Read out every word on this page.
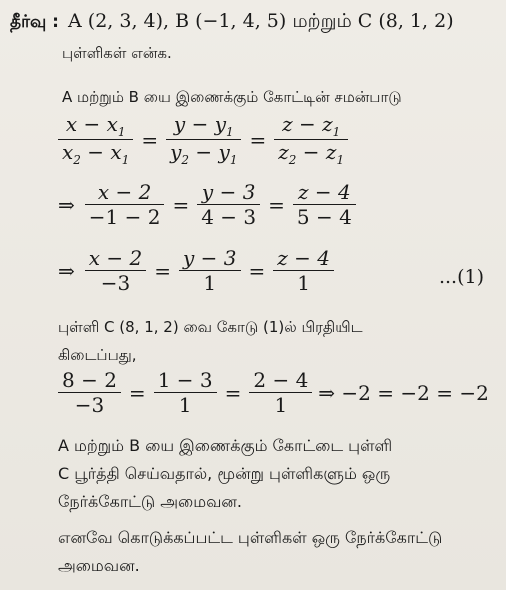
தீர்வு : A (2, 3, 4), B (−1, 4, 5) மற்றும் C (8, 1, 2)
புள்ளிகள் என்க.
A மற்றும் B யை இணைக்கும் கோட்டின் சமன்பாடு
$\frac{x - x_1}{x_2 - x_1} = \frac{y - y_1}{y_2 - y_1} = \frac{z - z_1}{z_2 - z_1}$
⇒ $\frac{x - 2}{-1 - 2} = \frac{y - 3}{4 - 3} = \frac{z - 4}{5 - 4}$
⇒ $\frac{x - 2}{-3} = \frac{y - 3}{1} = \frac{z - 4}{1}$	...(1)
புள்ளி C (8, 1, 2) வை கோடு (1)ல் பிரதியிட
கிடைப்பது,
$\frac{8 - 2}{-3} = \frac{1 - 3}{1} = \frac{2 - 4}{1}$ ⇒ −2 = −2 = −2
A மற்றும் B யை இணைக்கும் கோட்டை புள்ளி
C பூர்த்தி செய்வதால், மூன்று புள்ளிகளும் ஒரு
நேர்க்கோட்டு அமைவன.
எனவே கொடுக்கப்பட்ட புள்ளிகள் ஒரு நேர்க்கோட்டு
அமைவன.
